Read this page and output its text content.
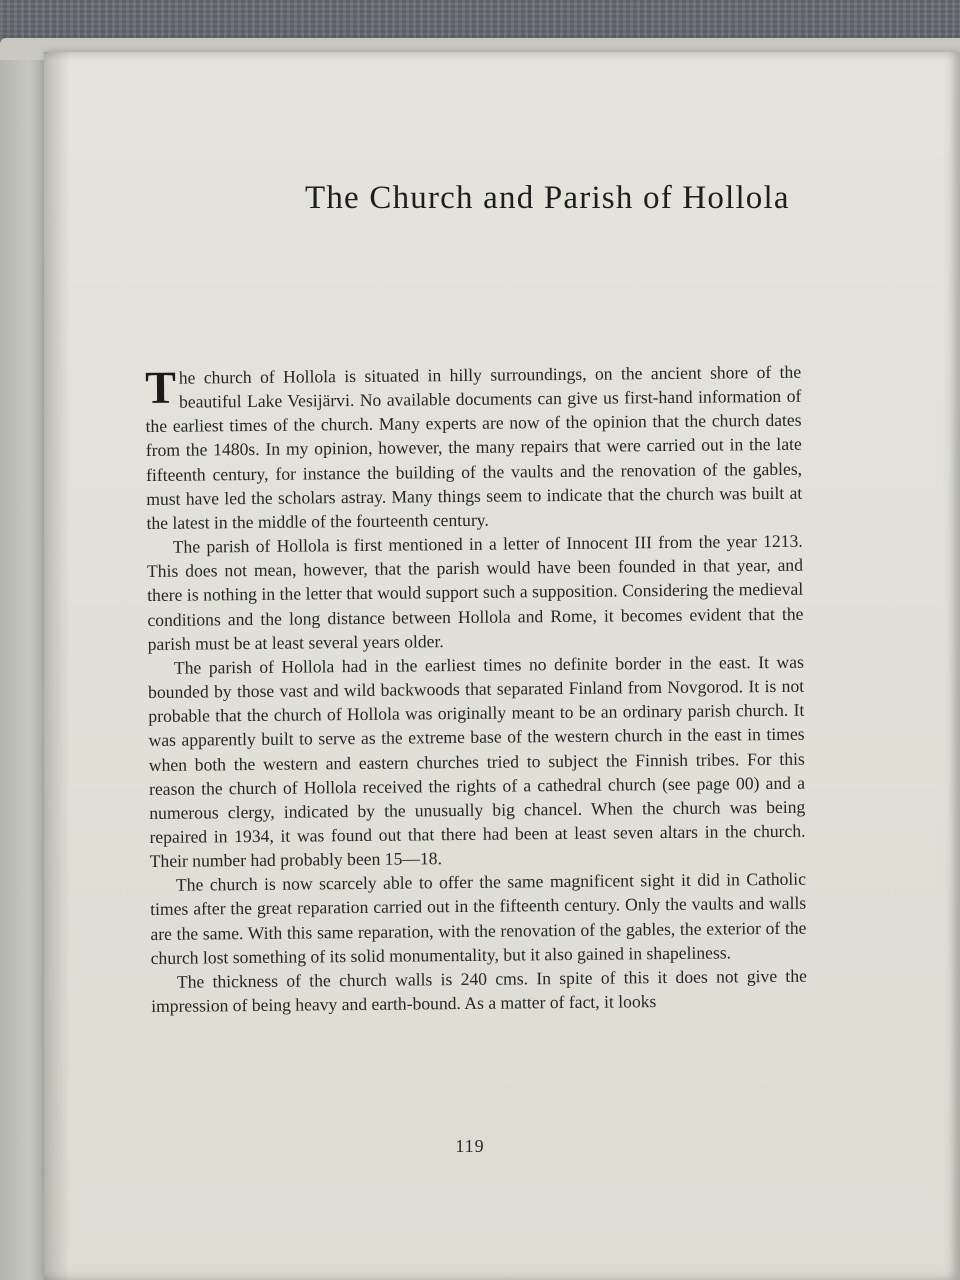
The Church and Parish of Hollola

The church of Hollola is situated in hilly surroundings, on the ancient shore of the beautiful Lake Vesijärvi. No available documents can give us first-hand information of the earliest times of the church. Many experts are now of the opinion that the church dates from the 1480s. In my opinion, however, the many repairs that were carried out in the late fifteenth century, for instance the building of the vaults and the renovation of the gables, must have led the scholars astray. Many things seem to indicate that the church was built at the latest in the middle of the fourteenth century.

The parish of Hollola is first mentioned in a letter of Innocent III from the year 1213. This does not mean, however, that the parish would have been founded in that year, and there is nothing in the letter that would support such a supposition. Considering the medieval conditions and the long distance between Hollola and Rome, it becomes evident that the parish must be at least several years older.

The parish of Hollola had in the earliest times no definite border in the east. It was bounded by those vast and wild backwoods that separated Finland from Novgorod. It is not probable that the church of Hollola was originally meant to be an ordinary parish church. It was apparently built to serve as the extreme base of the western church in the east in times when both the western and eastern churches tried to subject the Finnish tribes. For this reason the church of Hollola received the rights of a cathedral church (see page 00) and a numerous clergy, indicated by the unusually big chancel. When the church was being repaired in 1934, it was found out that there had been at least seven altars in the church. Their number had probably been 15—18.

The church is now scarcely able to offer the same magnificent sight it did in Catholic times after the great reparation carried out in the fifteenth century. Only the vaults and walls are the same. With this same reparation, with the renovation of the gables, the exterior of the church lost something of its solid monumentality, but it also gained in shapeliness.

The thickness of the church walls is 240 cms. In spite of this it does not give the impression of being heavy and earth-bound. As a matter of fact, it looks

119
